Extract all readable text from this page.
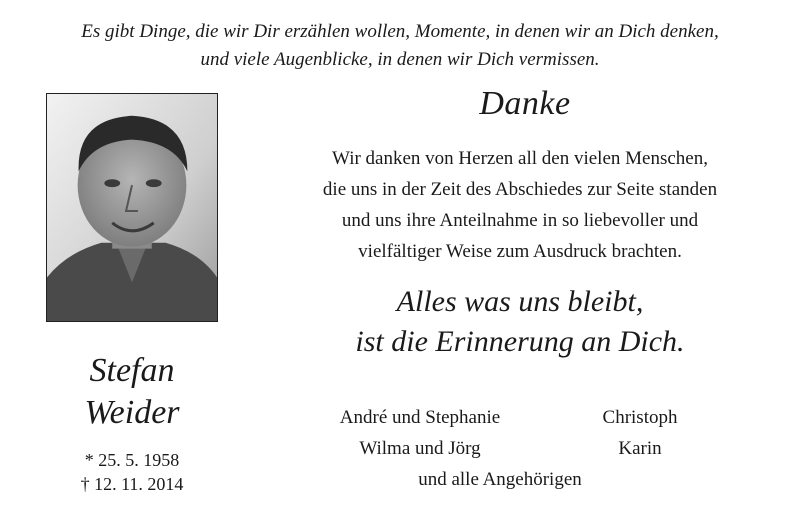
Es gibt Dinge, die wir Dir erzählen wollen, Momente, in denen wir an Dich denken,
und viele Augenblicke, in denen wir Dich vermissen.
Danke
Wir danken von Herzen all den vielen Menschen,
die uns in der Zeit des Abschiedes zur Seite standen
und uns ihre Anteilnahme in so liebevoller und
vielfältiger Weise zum Ausdruck brachten.
Alles was uns bleibt,
ist die Erinnerung an Dich.
Stefan
Weider
* 25. 5. 1958
† 12. 11. 2014
André und Stephanie
Wilma und Jörg
Christoph
Karin
und alle Angehörigen
